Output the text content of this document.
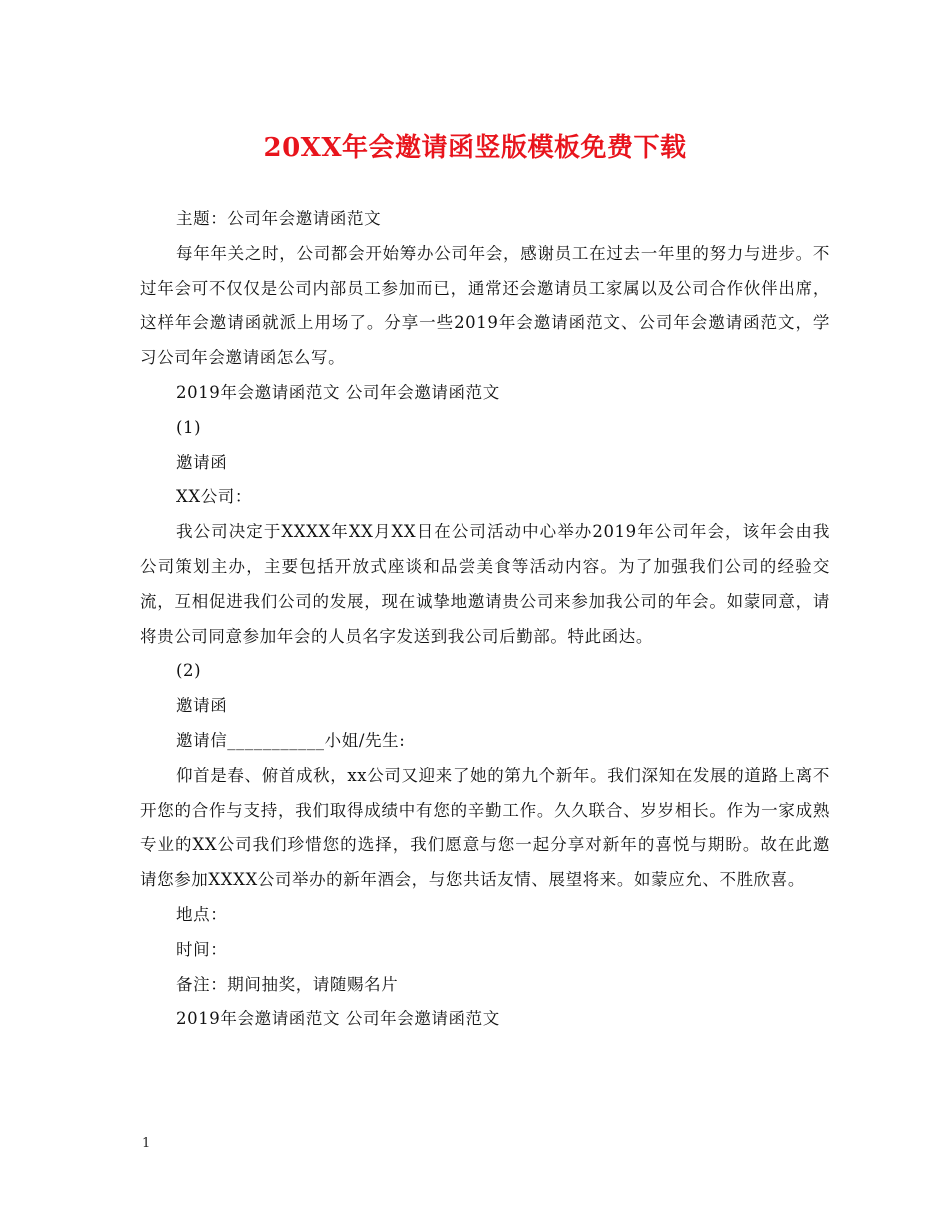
20XX年会邀请函竖版模板免费下载

主题：公司年会邀请函范文

每年年关之时，公司都会开始筹办公司年会，感谢员工在过去一年里的努力与进步。不过年会可不仅仅是公司内部员工参加而已，通常还会邀请员工家属以及公司合作伙伴出席，这样年会邀请函就派上用场了。分享一些2019年会邀请函范文、公司年会邀请函范文，学习公司年会邀请函怎么写。

2019年会邀请函范文 公司年会邀请函范文

(1)

邀请函

XX公司：

我公司决定于XXXX年XX月XX日在公司活动中心举办2019年公司年会，该年会由我公司策划主办，主要包括开放式座谈和品尝美食等活动内容。为了加强我们公司的经验交流，互相促进我们公司的发展，现在诚挚地邀请贵公司来参加我公司的年会。如蒙同意，请将贵公司同意参加年会的人员名字发送到我公司后勤部。特此函达。

(2)

邀请函

邀请信___________小姐/先生:

仰首是春、俯首成秋，xx公司又迎来了她的第九个新年。我们深知在发展的道路上离不开您的合作与支持，我们取得成绩中有您的辛勤工作。久久联合、岁岁相长。作为一家成熟专业的XX公司我们珍惜您的选择，我们愿意与您一起分享对新年的喜悦与期盼。故在此邀请您参加XXXX公司举办的新年酒会，与您共话友情、展望将来。如蒙应允、不胜欣喜。

地点：

时间：

备注：期间抽奖，请随赐名片

2019年会邀请函范文 公司年会邀请函范文

1
